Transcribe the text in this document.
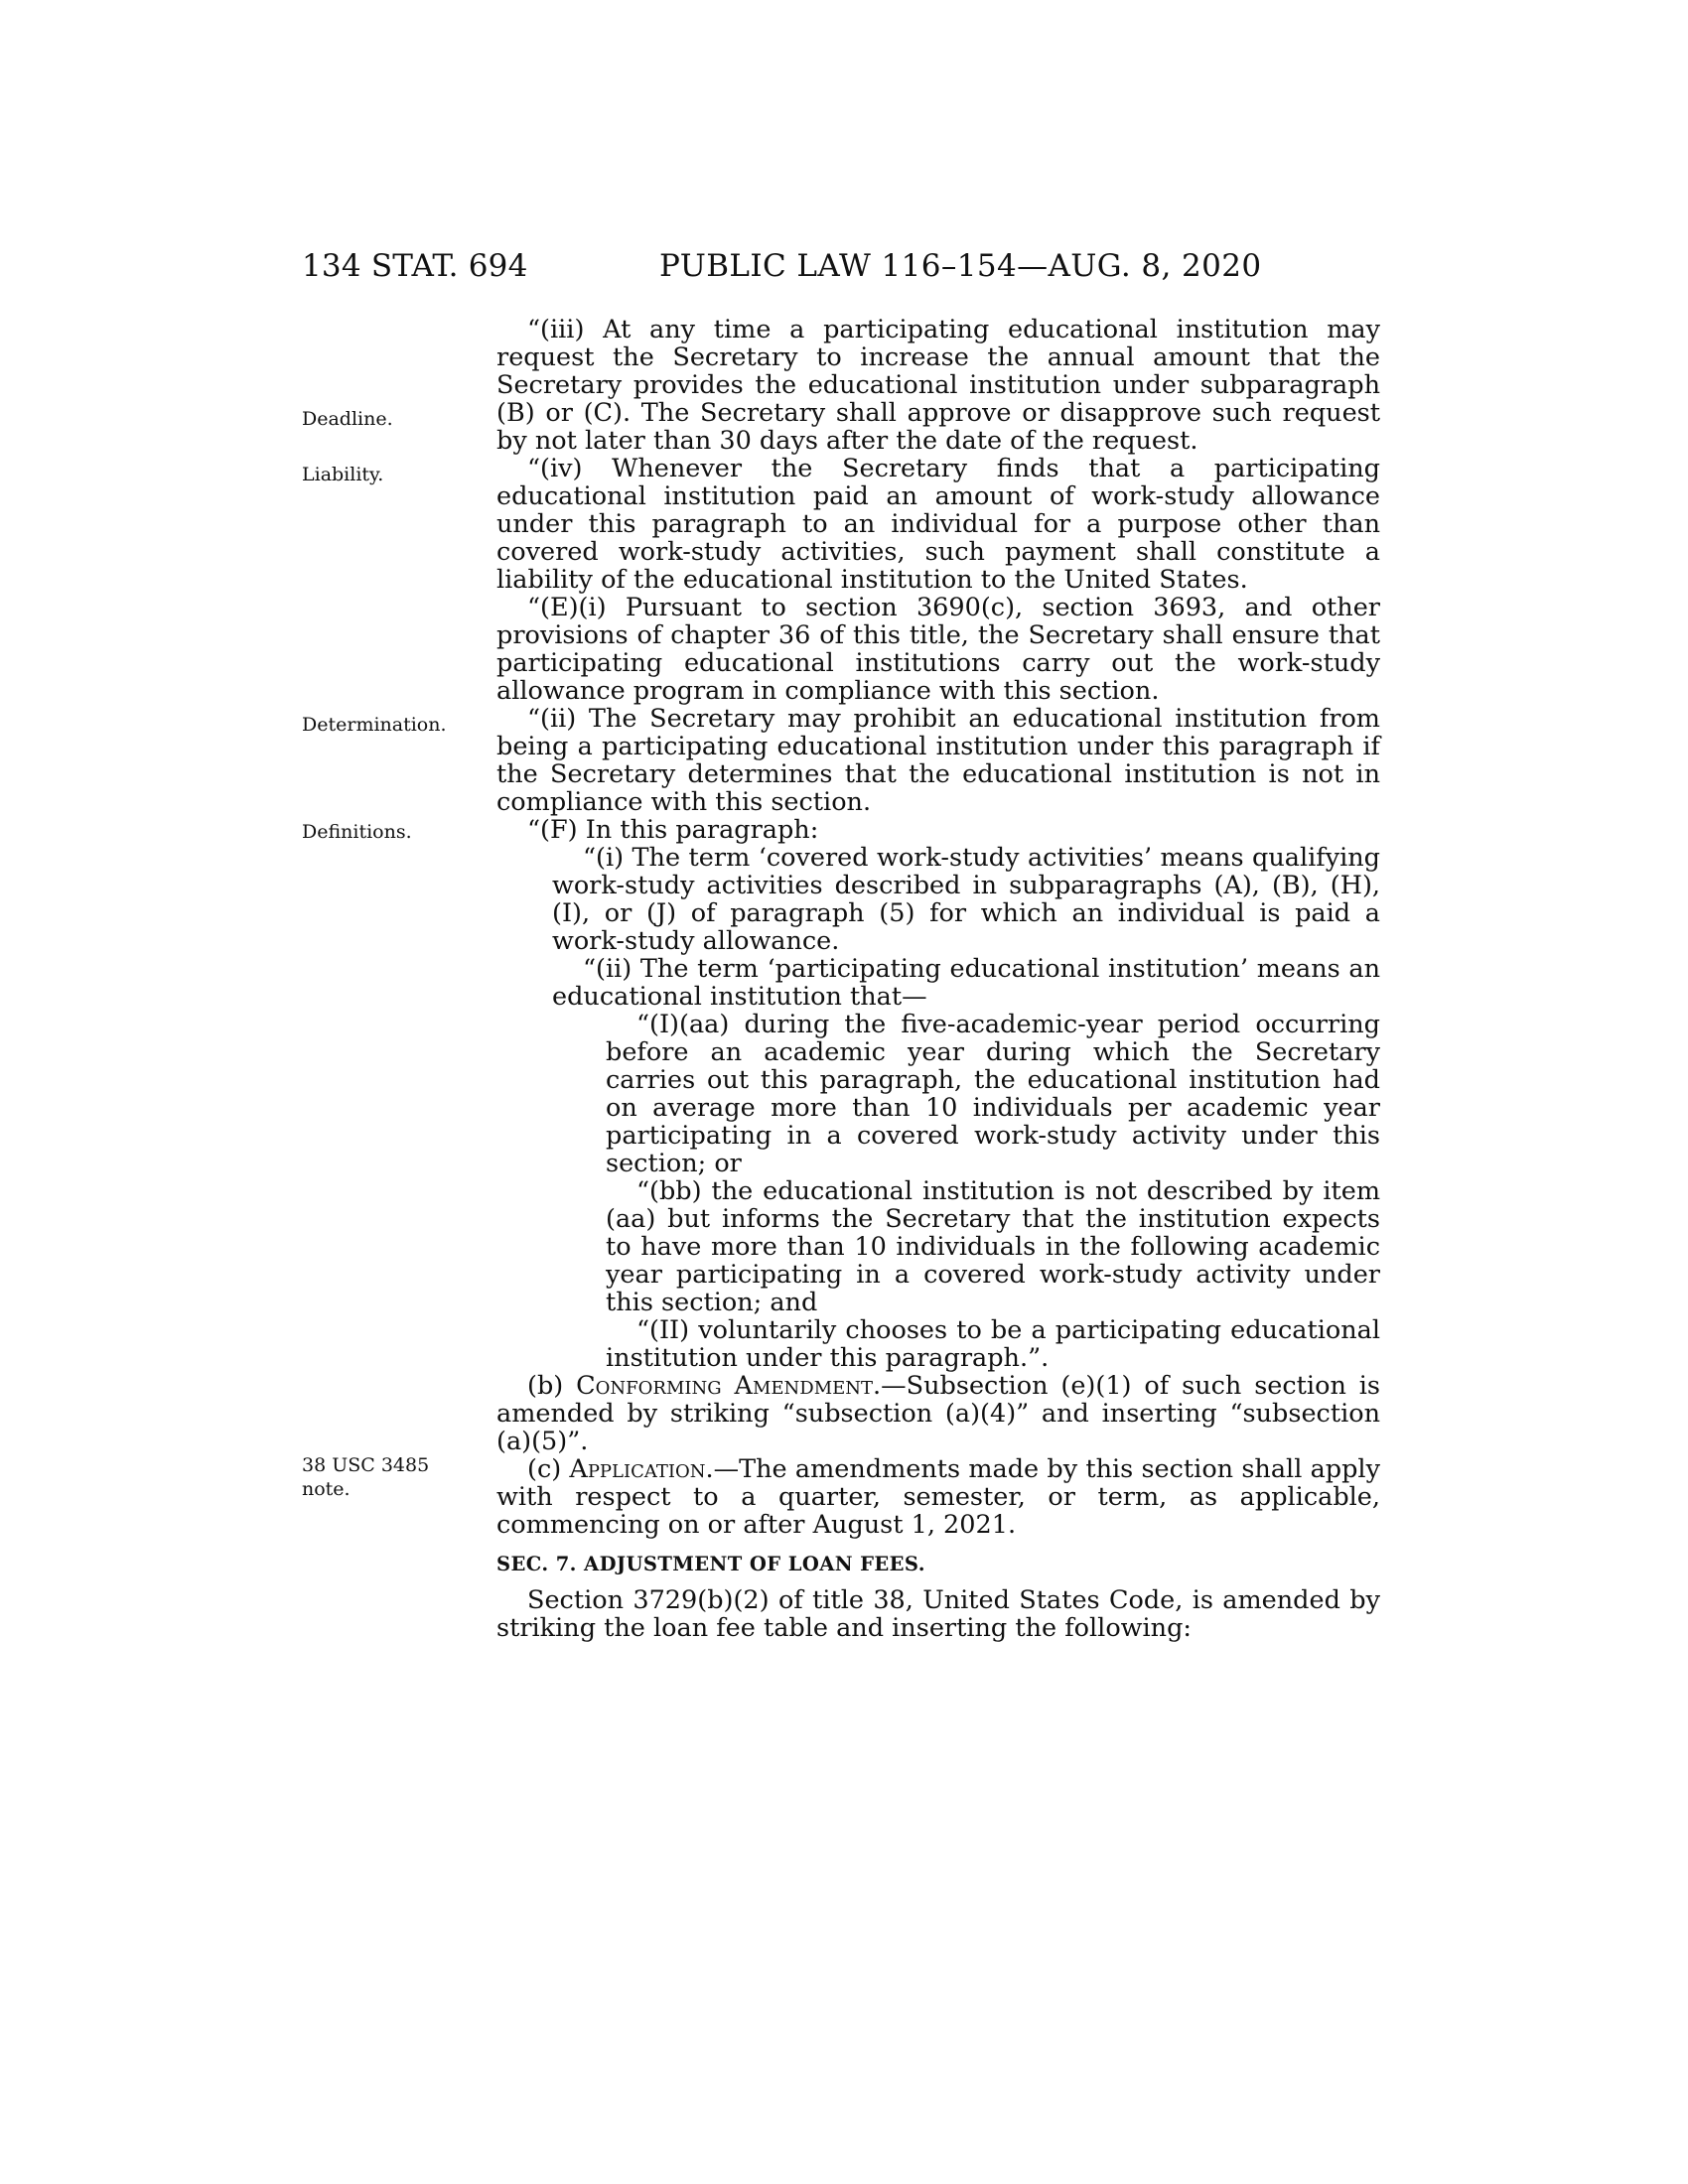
134 STAT. 694	PUBLIC LAW 116–154—AUG. 8, 2020
Deadline.
Liability.
Determination.
Definitions.
38 USC 3485
note.

“(iii) At any time a participating educational institution may request the Secretary to increase the annual amount that the Secretary provides the educational institution under subparagraph (B) or (C). The Secretary shall approve or disapprove such request by not later than 30 days after the date of the request.

“(iv) Whenever the Secretary finds that a participating educational institution paid an amount of work-study allowance under this paragraph to an individual for a purpose other than covered work-study activities, such payment shall constitute a liability of the educational institution to the United States.

“(E)(i) Pursuant to section 3690(c), section 3693, and other provisions of chapter 36 of this title, the Secretary shall ensure that participating educational institutions carry out the work-study allowance program in compliance with this section.

“(ii) The Secretary may prohibit an educational institution from being a participating educational institution under this paragraph if the Secretary determines that the educational institution is not in compliance with this section.

“(F) In this paragraph:

“(i) The term ‘covered work-study activities’ means qualifying work-study activities described in subparagraphs (A), (B), (H), (I), or (J) of paragraph (5) for which an individual is paid a work-study allowance.

“(ii) The term ‘participating educational institution’ means an educational institution that—

“(I)(aa) during the five-academic-year period occurring before an academic year during which the Secretary carries out this paragraph, the educational institution had on average more than 10 individuals per academic year participating in a covered work-study activity under this section; or

“(bb) the educational institution is not described by item (aa) but informs the Secretary that the institution expects to have more than 10 individuals in the following academic year participating in a covered work-study activity under this section; and

“(II) voluntarily chooses to be a participating educational institution under this paragraph.”.

(b) Conforming Amendment.—Subsection (e)(1) of such section is amended by striking “subsection (a)(4)” and inserting “subsection (a)(5)”.

(c) Application.—The amendments made by this section shall apply with respect to a quarter, semester, or term, as applicable, commencing on or after August 1, 2021.

SEC. 7. ADJUSTMENT OF LOAN FEES.

Section 3729(b)(2) of title 38, United States Code, is amended by striking the loan fee table and inserting the following:
